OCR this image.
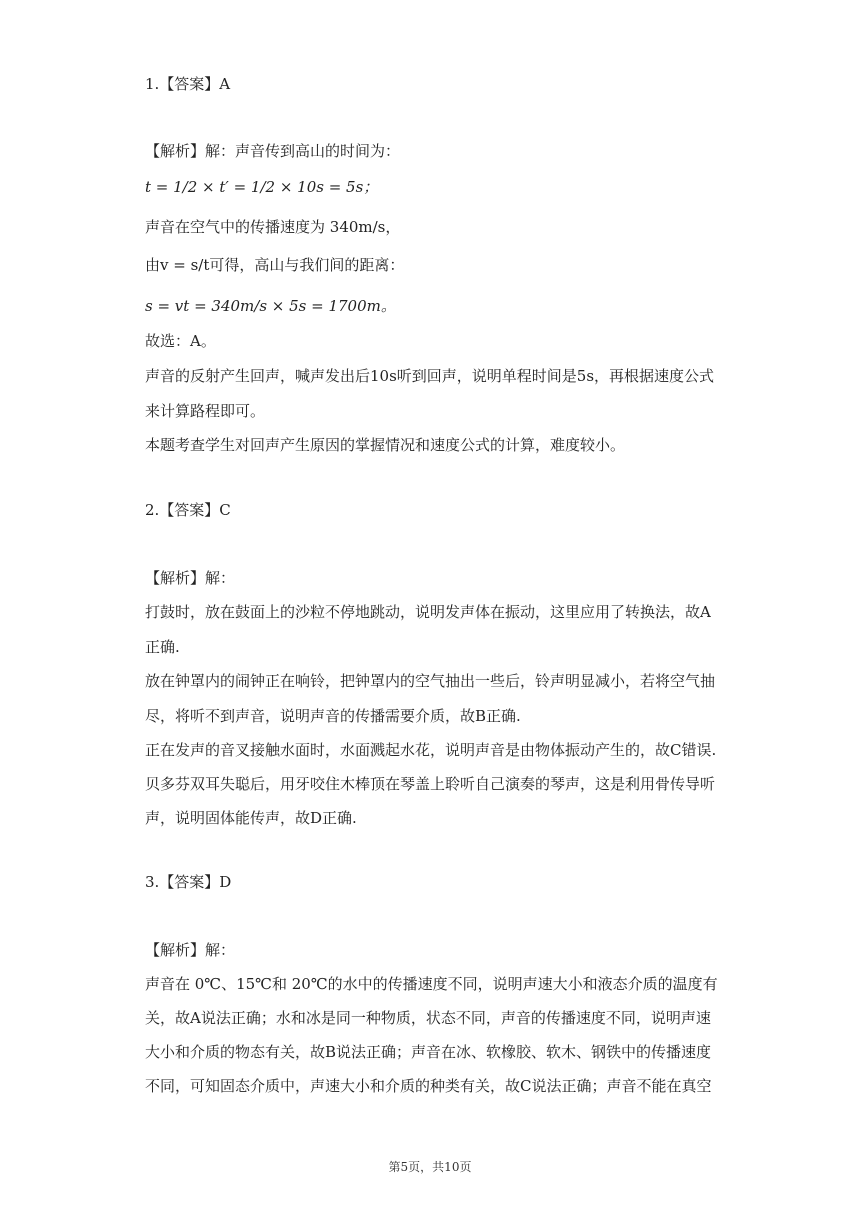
1.【答案】A
【解析】解：声音传到高山的时间为：
t = 1/2 × t′ = 1/2 × 10s = 5s；
声音在空气中的传播速度为 340m/s，
由v = s/t可得，高山与我们间的距离：
s = vt = 340m/s × 5s = 1700m。
故选：A。
声音的反射产生回声，喊声发出后10s听到回声，说明单程时间是5s，再根据速度公式
来计算路程即可。
本题考查学生对回声产生原因的掌握情况和速度公式的计算，难度较小。
2.【答案】C
【解析】解：
打鼓时，放在鼓面上的沙粒不停地跳动，说明发声体在振动，这里应用了转换法，故A
正确.
放在钟罩内的闹钟正在响铃，把钟罩内的空气抽出一些后，铃声明显减小，若将空气抽
尽，将听不到声音，说明声音的传播需要介质，故B正确.
正在发声的音叉接触水面时，水面溅起水花，说明声音是由物体振动产生的，故C错误.
贝多芬双耳失聪后，用牙咬住木棒顶在琴盖上聆听自己演奏的琴声，这是利用骨传导听
声，说明固体能传声，故D正确.
3.【答案】D
【解析】解：
声音在 0℃、15℃和 20℃的水中的传播速度不同，说明声速大小和液态介质的温度有
关，故A说法正确；水和冰是同一种物质，状态不同，声音的传播速度不同，说明声速
大小和介质的物态有关，故B说法正确；声音在冰、软橡胶、软木、钢铁中的传播速度
不同，可知固态介质中，声速大小和介质的种类有关，故C说法正确；声音不能在真空
第5页，共10页
